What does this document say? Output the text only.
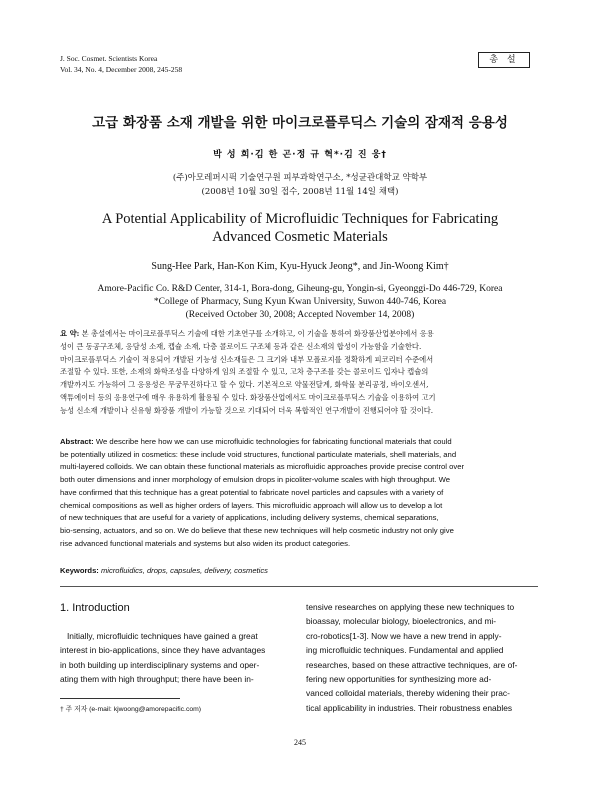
J. Soc. Cosmet. Scientists Korea
Vol. 34, No. 4, December 2008, 245-258
총 설
고급 화장품 소재 개발을 위한 마이크로플루딕스 기술의 잠재적 응용성
박 성 희·김 한 곤·정 규 혁*·김 진 웅†
(주)아모레퍼시픽 기술연구원 피부과학연구소, *성균관대학교 약학부
(2008년 10월 30일 접수, 2008년 11월 14일 채택)
A Potential Applicability of Microfluidic Techniques for Fabricating
Advanced Cosmetic Materials
Sung-Hee Park, Han-Kon Kim, Kyu-Hyuck Jeong*, and Jin-Woong Kim†
Amore-Pacific Co. R&D Center, 314-1, Bora-dong, Giheung-gu, Yongin-si, Gyeonggi-Do 446-729, Korea
*College of Pharmacy, Sung Kyun Kwan University, Suwon 440-746, Korea
(Received October 30, 2008; Accepted November 14, 2008)
요 약: 본 총설에서는 마이크로플루딕스 기술에 대한 기초연구를 소개하고, 이 기술을 통하여 화장품산업분야에서 응용
성이 큰 동공구조체, 응담성 소재, 캡슐 소재, 다층 콜로이드 구조체 등과 같은 신소재의 합성이 가능함을 기술한다.
마이크로플루딕스 기술이 적용되어 개발된 기능성 신소재들은 그 크기와 내부 모폴로지를 정확하게 피코리터 수준에서
조절할 수 있다. 또한, 소재의 화학조성을 다양하게 임의 조절할 수 있고, 고차 층구조를 갖는 콜로이드 입자나 캡슐의
개발까지도 가능하여 그 응용성은 무궁무진하다고 할 수 있다. 기본적으로 약물전달계, 화학물 분리공정, 바이오센서,
액튜에이터 등의 응용연구에 매우 유용하게 활용될 수 있다. 화장품산업에서도 마이크로플루딕스 기술을 이용하여 고기
능성 신소재 개발이나 신유형 화장품 개발이 가능할 것으로 기대되어 더욱 복합적인 연구개발이 진행되어야 할 것이다.
Abstract: We describe here how we can use microfluidic technologies for fabricating functional materials that could
be potentially utilized in cosmetics: these include void structures, functional particulate materials, shell materials, and
multi-layered colloids. We can obtain these functional materials as microfluidic approaches provide precise control over
both outer dimensions and inner morphology of emulsion drops in picoliter-volume scales with high throughput. We
have confirmed that this technique has a great potential to fabricate novel particles and capsules with a variety of
chemical compositions as well as higher orders of layers. This microfluidic approach will allow us to develop a lot
of new techniques that are useful for a variety of applications, including delivery systems, chemical separations,
bio-sensing, actuators, and so on. We do believe that these new techniques will help cosmetic industry not only give
rise advanced functional materials and systems but also widen its product categories.
Keywords: microfluidics, drops, capsules, delivery, cosmetics
1. Introduction
Initially, microfluidic techniques have gained a great
interest in bio-applications, since they have advantages
in both building up interdisciplinary systems and oper-
ating them with high throughput; there have been in-
tensive researches on applying these new techniques to
bioassay, molecular biology, bioelectronics, and mi-
cro-robotics[1-3]. Now we have a new trend in apply-
ing microfluidic techniques. Fundamental and applied
researches, based on these attractive techniques, are of-
fering new opportunities for synthesizing more ad-
vanced colloidal materials, thereby widening their prac-
tical applicability in industries. Their robustness enables
† 주 저자 (e-mail: kjwoong@amorepacific.com)
245
